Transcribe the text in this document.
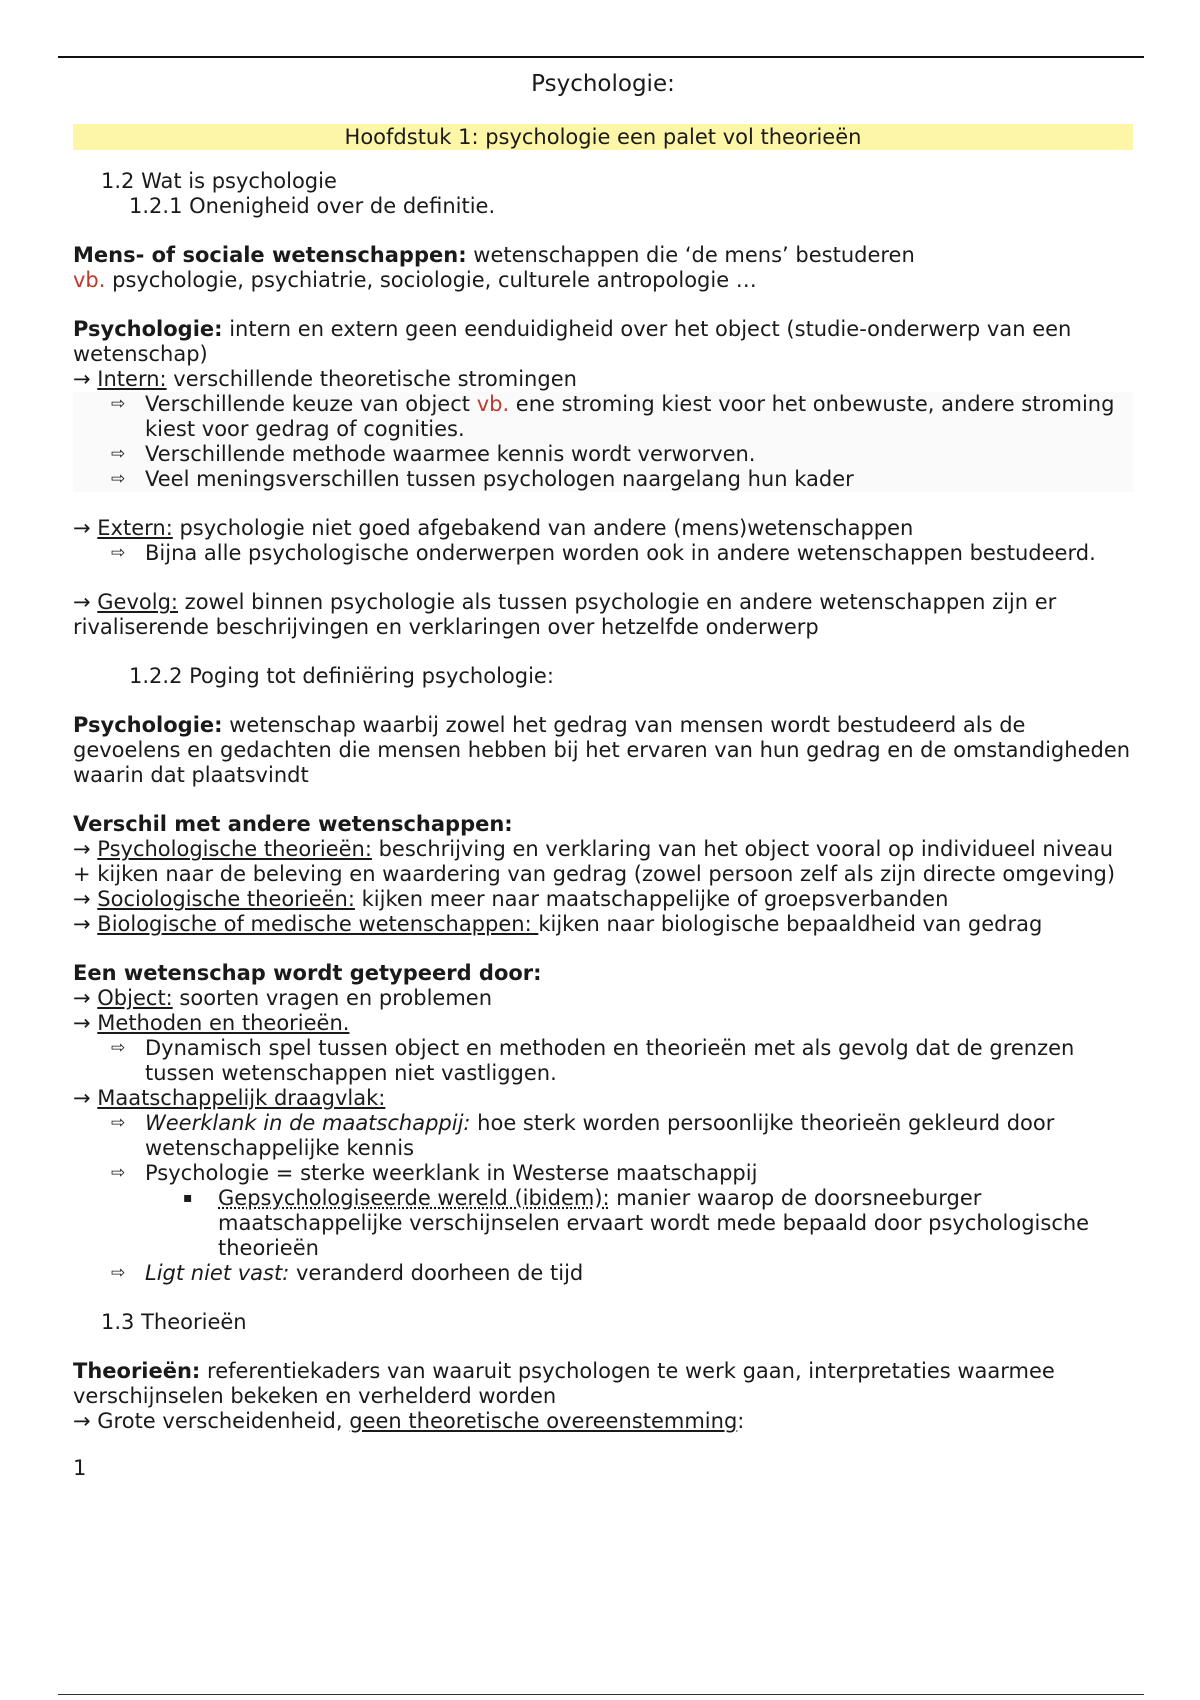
Psychologie:

Hoofdstuk 1: psychologie een palet vol theorieën

1.2 Wat is psychologie

1.2.1 Onenigheid over de definitie.

Mens- of sociale wetenschappen: wetenschappen die ‘de mens’ bestuderen

vb. psychologie, psychiatrie, sociologie, culturele antropologie …

Psychologie: intern en extern geen eenduidigheid over het object (studie-onderwerp van een wetenschap)

→ Intern: verschillende theoretische stromingen

⇨ Verschillende keuze van object vb. ene stroming kiest voor het onbewuste, andere stroming kiest voor gedrag of cognities.

⇨ Verschillende methode waarmee kennis wordt verworven.

⇨ Veel meningsverschillen tussen psychologen naargelang hun kader

→ Extern: psychologie niet goed afgebakend van andere (mens)wetenschappen

⇨ Bijna alle psychologische onderwerpen worden ook in andere wetenschappen bestudeerd.

→ Gevolg: zowel binnen psychologie als tussen psychologie en andere wetenschappen zijn er rivaliserende beschrijvingen en verklaringen over hetzelfde onderwerp

1.2.2 Poging tot definiëring psychologie:

Psychologie: wetenschap waarbij zowel het gedrag van mensen wordt bestudeerd als de gevoelens en gedachten die mensen hebben bij het ervaren van hun gedrag en de omstandigheden waarin dat plaatsvindt

Verschil met andere wetenschappen:

→ Psychologische theorieën: beschrijving en verklaring van het object vooral op individueel niveau + kijken naar de beleving en waardering van gedrag (zowel persoon zelf als zijn directe omgeving)

→ Sociologische theorieën: kijken meer naar maatschappelijke of groepsverbanden

→ Biologische of medische wetenschappen: kijken naar biologische bepaaldheid van gedrag

Een wetenschap wordt getypeerd door:

→ Object: soorten vragen en problemen

→ Methoden en theorieën.

⇨ Dynamisch spel tussen object en methoden en theorieën met als gevolg dat de grenzen tussen wetenschappen niet vastliggen.

→ Maatschappelijk draagvlak:

⇨ Weerklank in de maatschappij: hoe sterk worden persoonlijke theorieën gekleurd door wetenschappelijke kennis

⇨ Psychologie = sterke weerklank in Westerse maatschappij

▪ Gepsychologiseerde wereld (ibidem): manier waarop de doorsneeburger maatschappelijke verschijnselen ervaart wordt mede bepaald door psychologische theorieën

⇨ Ligt niet vast: veranderd doorheen de tijd

1.3 Theorieën

Theorieën: referentiekaders van waaruit psychologen te werk gaan, interpretaties waarmee verschijnselen bekeken en verhelderd worden

→ Grote verscheidenheid, geen theoretische overeenstemming:

1
